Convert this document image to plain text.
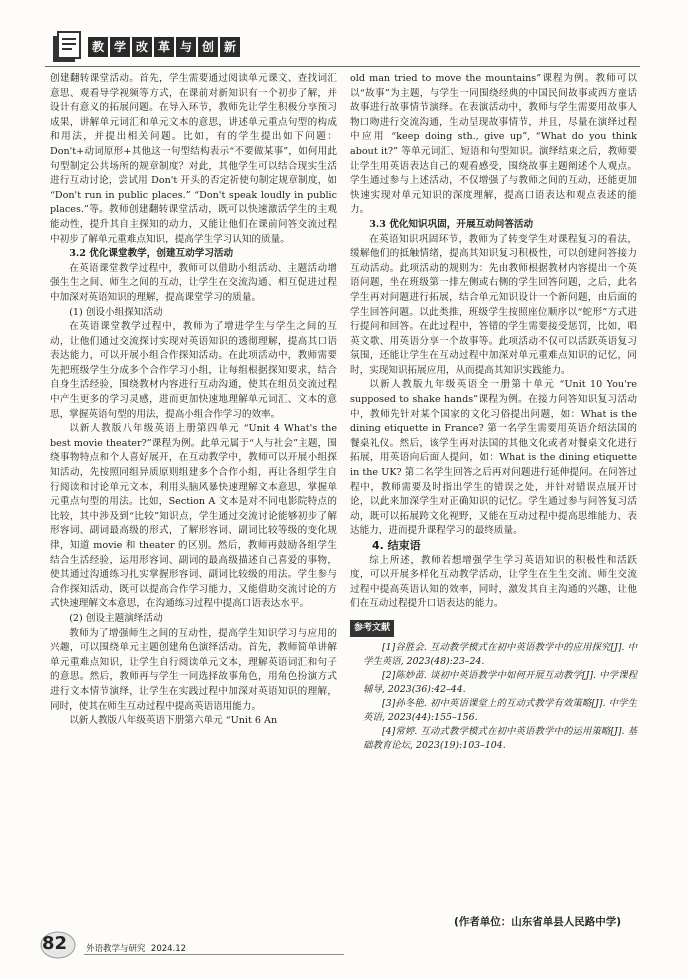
教 学 改 革 与 创 新

创建翻转课堂活动。首先，学生需要通过阅读单元课文、查找词汇意思、观看导学视频等方式，在课前对新知识有一个初步了解，并设计有意义的拓展问题。在导入环节，教师先让学生积极分享预习成果，讲解单元词汇和单元文本的意思，讲述单元重点句型的构成和用法，并提出相关问题。比如，有的学生提出如下问题：Don't+动词原形+其他这一句型结构表示“不要做某事”，如何用此句型制定公共场所的规章制度？对此，其他学生可以结合现实生活进行互动讨论，尝试用 Don't 开头的否定祈使句制定规章制度，如 “Don't run in public places.” “Don't speak loudly in public places.”等。教师创建翻转课堂活动，既可以快速激活学生的主观能动性，提升其自主探知的动力，又能让他们在课前问答交流过程中初步了解单元重难点知识，提高学生学习认知的质量。

3.2 优化课堂教学，创建互动学习活动

在英语课堂教学过程中，教师可以借助小组活动、主题活动增强生生之间、师生之间的互动，让学生在交流沟通、相互促进过程中加深对英语知识的理解，提高课堂学习的质量。

(1) 创设小组探知活动

在英语课堂教学过程中，教师为了增进学生与学生之间的互动，让他们通过交流探讨实现对英语知识的透彻理解，提高其口语表达能力，可以开展小组合作探知活动。在此项活动中，教师需要先把班级学生分成多个合作学习小组，让每组根据探知要求，结合自身生活经验，围绕教材内容进行互动沟通，使其在组员交流过程中产生更多的学习灵感，进而更加快速地理解单元词汇、文本的意思，掌握英语句型的用法，提高小组合作学习的效率。

以新人教版八年级英语上册第四单元 “Unit 4 What's the best movie theater?”课程为例。此单元属于“人与社会”主题，围绕事物特点和个人喜好展开，在互动教学中，教师可以开展小组探知活动，先按照同组异质原则组建多个合作小组，再让各组学生自行阅读和讨论单元文本，利用头脑风暴快速理解文本意思，掌握单元重点句型的用法。比如，Section A 文本是对不同电影院特点的比较，其中涉及到“比较”知识点，学生通过交流讨论能够初步了解形容词、副词最高级的形式，了解形容词、副词比较等级的变化规律，知道 movie 和 theater 的区别。然后，教师再鼓励各组学生结合生活经验，运用形容词、副词的最高级描述自己喜爱的事物，使其通过沟通练习扎实掌握形容词、副词比较级的用法。学生参与合作探知活动，既可以提高合作学习能力，又能借助交流讨论的方式快速理解文本意思，在沟通练习过程中提高口语表达水平。

(2) 创设主题演绎活动

教师为了增强师生之间的互动性，提高学生知识学习与应用的兴趣，可以围绕单元主题创建角色演绎活动。首先，教师简单讲解单元重难点知识，让学生自行阅读单元文本，理解英语词汇和句子的意思。然后，教师再与学生一同选择故事角色，用角色扮演方式进行文本情节演绎，让学生在实践过程中加深对英语知识的理解，同时，使其在师生互动过程中提高英语语用能力。

以新人教版八年级英语下册第六单元 “Unit 6 An

old man tried to move the mountains”课程为例。教师可以以“故事”为主题，与学生一同围绕经典的中国民间故事或西方童话故事进行故事情节演绎。在表演活动中，教师与学生需要用故事人物口吻进行交流沟通，生动呈现故事情节，并且，尽量在演绎过程中应用 “keep doing sth., give up”, “What do you think about it?” 等单元词汇、短语和句型知识。演绎结束之后，教师要让学生用英语表达自己的观看感受，围绕故事主题阐述个人观点。学生通过参与上述活动，不仅增强了与教师之间的互动，还能更加快速实现对单元知识的深度理解，提高口语表达和观点表述的能力。

3.3 优化知识巩固，开展互动问答活动

在英语知识巩固环节，教师为了转变学生对课程复习的看法，缓解他们的抵触情绪，提高其知识复习积极性，可以创建问答接力互动活动。此项活动的规则为：先由教师根据教材内容提出一个英语问题，坐在班级第一排左侧或右侧的学生回答问题，之后，此名学生再对问题进行拓展，结合单元知识设计一个新问题，由后面的学生回答问题。以此类推，班级学生按照座位顺序以“蛇形”方式进行提问和回答。在此过程中，答错的学生需要接受惩罚，比如，唱英文歌、用英语分享一个故事等。此项活动不仅可以活跃英语复习氛围，还能让学生在互动过程中加深对单元重难点知识的记忆，同时，实现知识拓展应用，从而提高其知识实践能力。

以新人教版九年级英语全一册第十单元 “Unit 10 You're supposed to shake hands”课程为例。在接力问答知识复习活动中，教师先针对某个国家的文化习俗提出问题，如：What is the dining etiquette in France? 第一名学生需要用英语介绍法国的餐桌礼仪。然后，该学生再对法国的其他文化或者对餐桌文化进行拓展，用英语向后面人提问，如：What is the dining etiquette in the UK? 第二名学生回答之后再对问题进行延伸提问。在问答过程中，教师需要及时指出学生的错误之处，并针对错误点展开讨论，以此来加深学生对正确知识的记忆。学生通过参与问答复习活动，既可以拓展跨文化视野，又能在互动过程中提高思维能力、表达能力，进而提升课程学习的最终质量。

4. 结束语

综上所述，教师若想增强学生学习英语知识的积极性和活跃度，可以开展多样化互动教学活动，让学生在生生交流、师生交流过程中提高英语认知的效率，同时，激发其自主沟通的兴趣，让他们在互动过程提升口语表达的能力。

参考文献

[1]谷胜会. 互动教学模式在初中英语教学中的应用探究[J]. 中学生英语, 2023(48):23–24.

[2]陈妙苗. 谈初中英语教学中如何开展互动教学[J]. 中学课程辅导, 2023(36):42–44.

[3]孙冬艳. 初中英语课堂上的互动式教学有效策略[J]. 中学生英语, 2023(44):155–156.

[4]常婷. 互动式教学模式在初中英语教学中的运用策略[J]. 基础教育论坛, 2023(19):103–104.

(作者单位：山东省单县人民路中学)
82 外语教学与研究 2024.12
